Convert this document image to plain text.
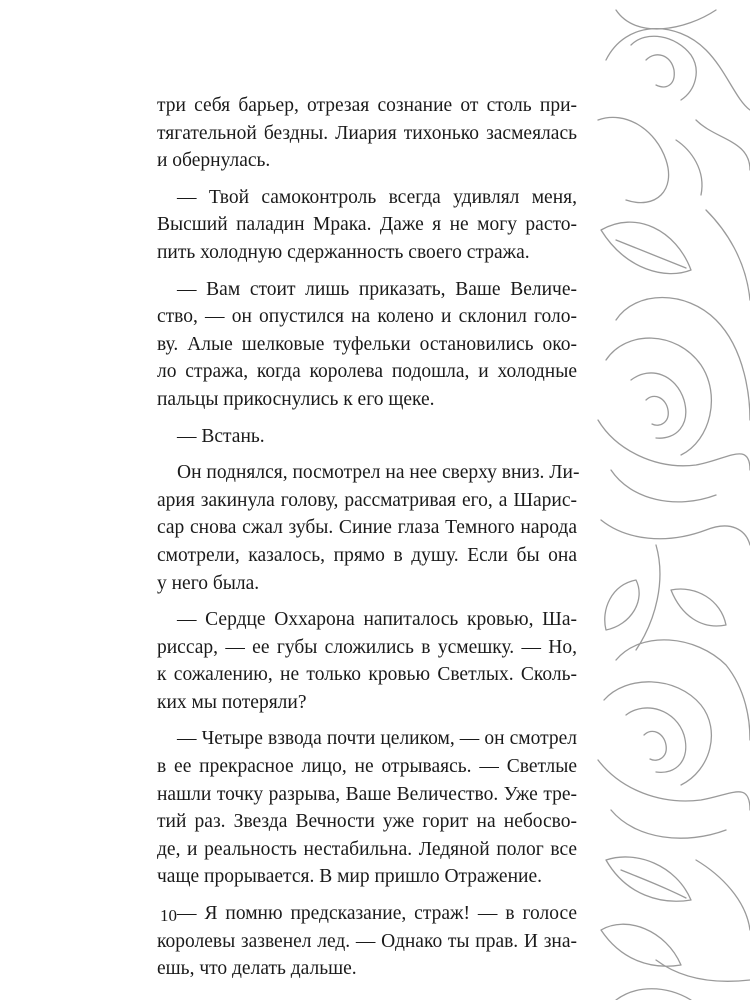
три себя барьер, отрезая сознание от столь при-
тягательной бездны. Лиария тихонько засмеялась
и обернулась.

— Твой самоконтроль всегда удивлял меня,
Высший паладин Мрака. Даже я не могу расто-
пить холодную сдержанность своего стража.

— Вам стоит лишь приказать, Ваше Величе-
ство, — он опустился на колено и склонил голо-
ву. Алые шелковые туфельки остановились око-
ло стража, когда королева подошла, и холодные
пальцы прикоснулись к его щеке.

— Встань.

Он поднялся, посмотрел на нее сверху вниз. Ли-
ария закинула голову, рассматривая его, а Шарис-
сар снова сжал зубы. Синие глаза Темного народа
смотрели, казалось, прямо в душу. Если бы она
у него была.

— Сердце Оххарона напиталось кровью, Ша-
риссар, — ее губы сложились в усмешку. — Но,
к сожалению, не только кровью Светлых. Сколь-
ких мы потеряли?

— Четыре взвода почти целиком, — он смотрел
в ее прекрасное лицо, не отрываясь. — Светлые
нашли точку разрыва, Ваше Величество. Уже тре-
тий раз. Звезда Вечности уже горит на небосво-
де, и реальность нестабильна. Ледяной полог все
чаще прорывается. В мир пришло Отражение.

— Я помню предсказание, страж! — в голосе
королевы зазвенел лед. — Однако ты прав. И зна-
ешь, что делать дальше.

10
